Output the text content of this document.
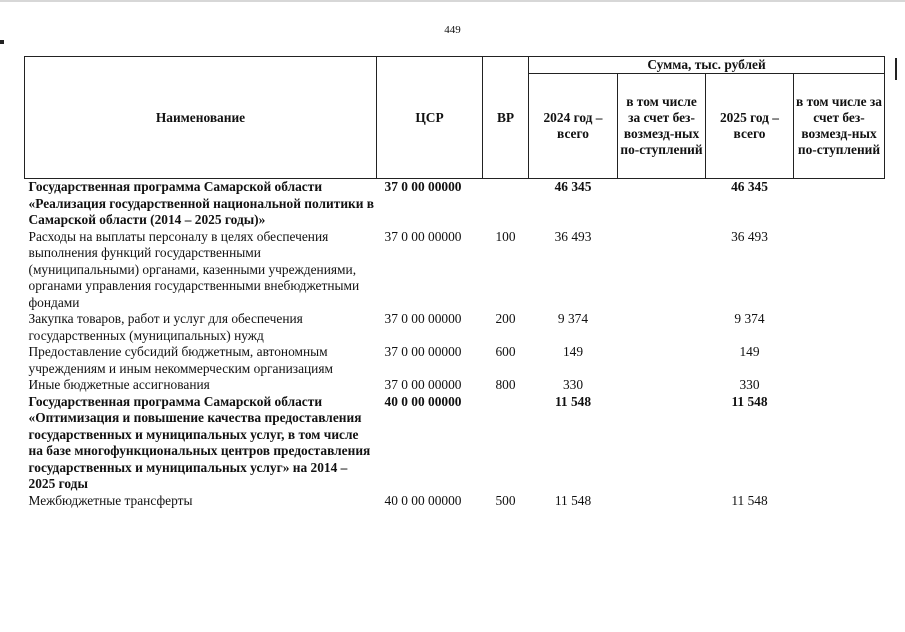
449
Наименование	ЦСР	ВР	Сумма, тыс. рублей			
			2024 год – всего	в том числе за счет без-возмезд-ных по-ступлений	2025 год – всего	в том числе за счет без-возмезд-ных по-ступлений
Государственная программа Самарской области «Реализация государственной национальной политики в Самарской области (2014 – 2025 годы)»	37 0 00 00000		46 345		46 345	
Расходы на выплаты персоналу в целях обеспечения выполнения функций государственными (муниципальными) органами, казенными учреждениями, органами управления государственными внебюджетными фондами	37 0 00 00000	100	36 493		36 493	
Закупка товаров, работ и услуг для обеспечения государственных (муниципальных) нужд	37 0 00 00000	200	9 374		9 374	
Предоставление субсидий бюджетным, автономным учреждениям и иным некоммерческим организациям	37 0 00 00000	600	149		149	
Иные бюджетные ассигнования	37 0 00 00000	800	330		330	
Государственная программа Самарской области «Оптимизация и повышение качества предоставления государственных и муниципальных услуг, в том числе на базе многофункциональных центров предоставления государственных и муниципальных услуг» на 2014 – 2025 годы	40 0 00 00000		11 548		11 548	
Межбюджетные трансферты	40 0 00 00000	500	11 548		11 548	
